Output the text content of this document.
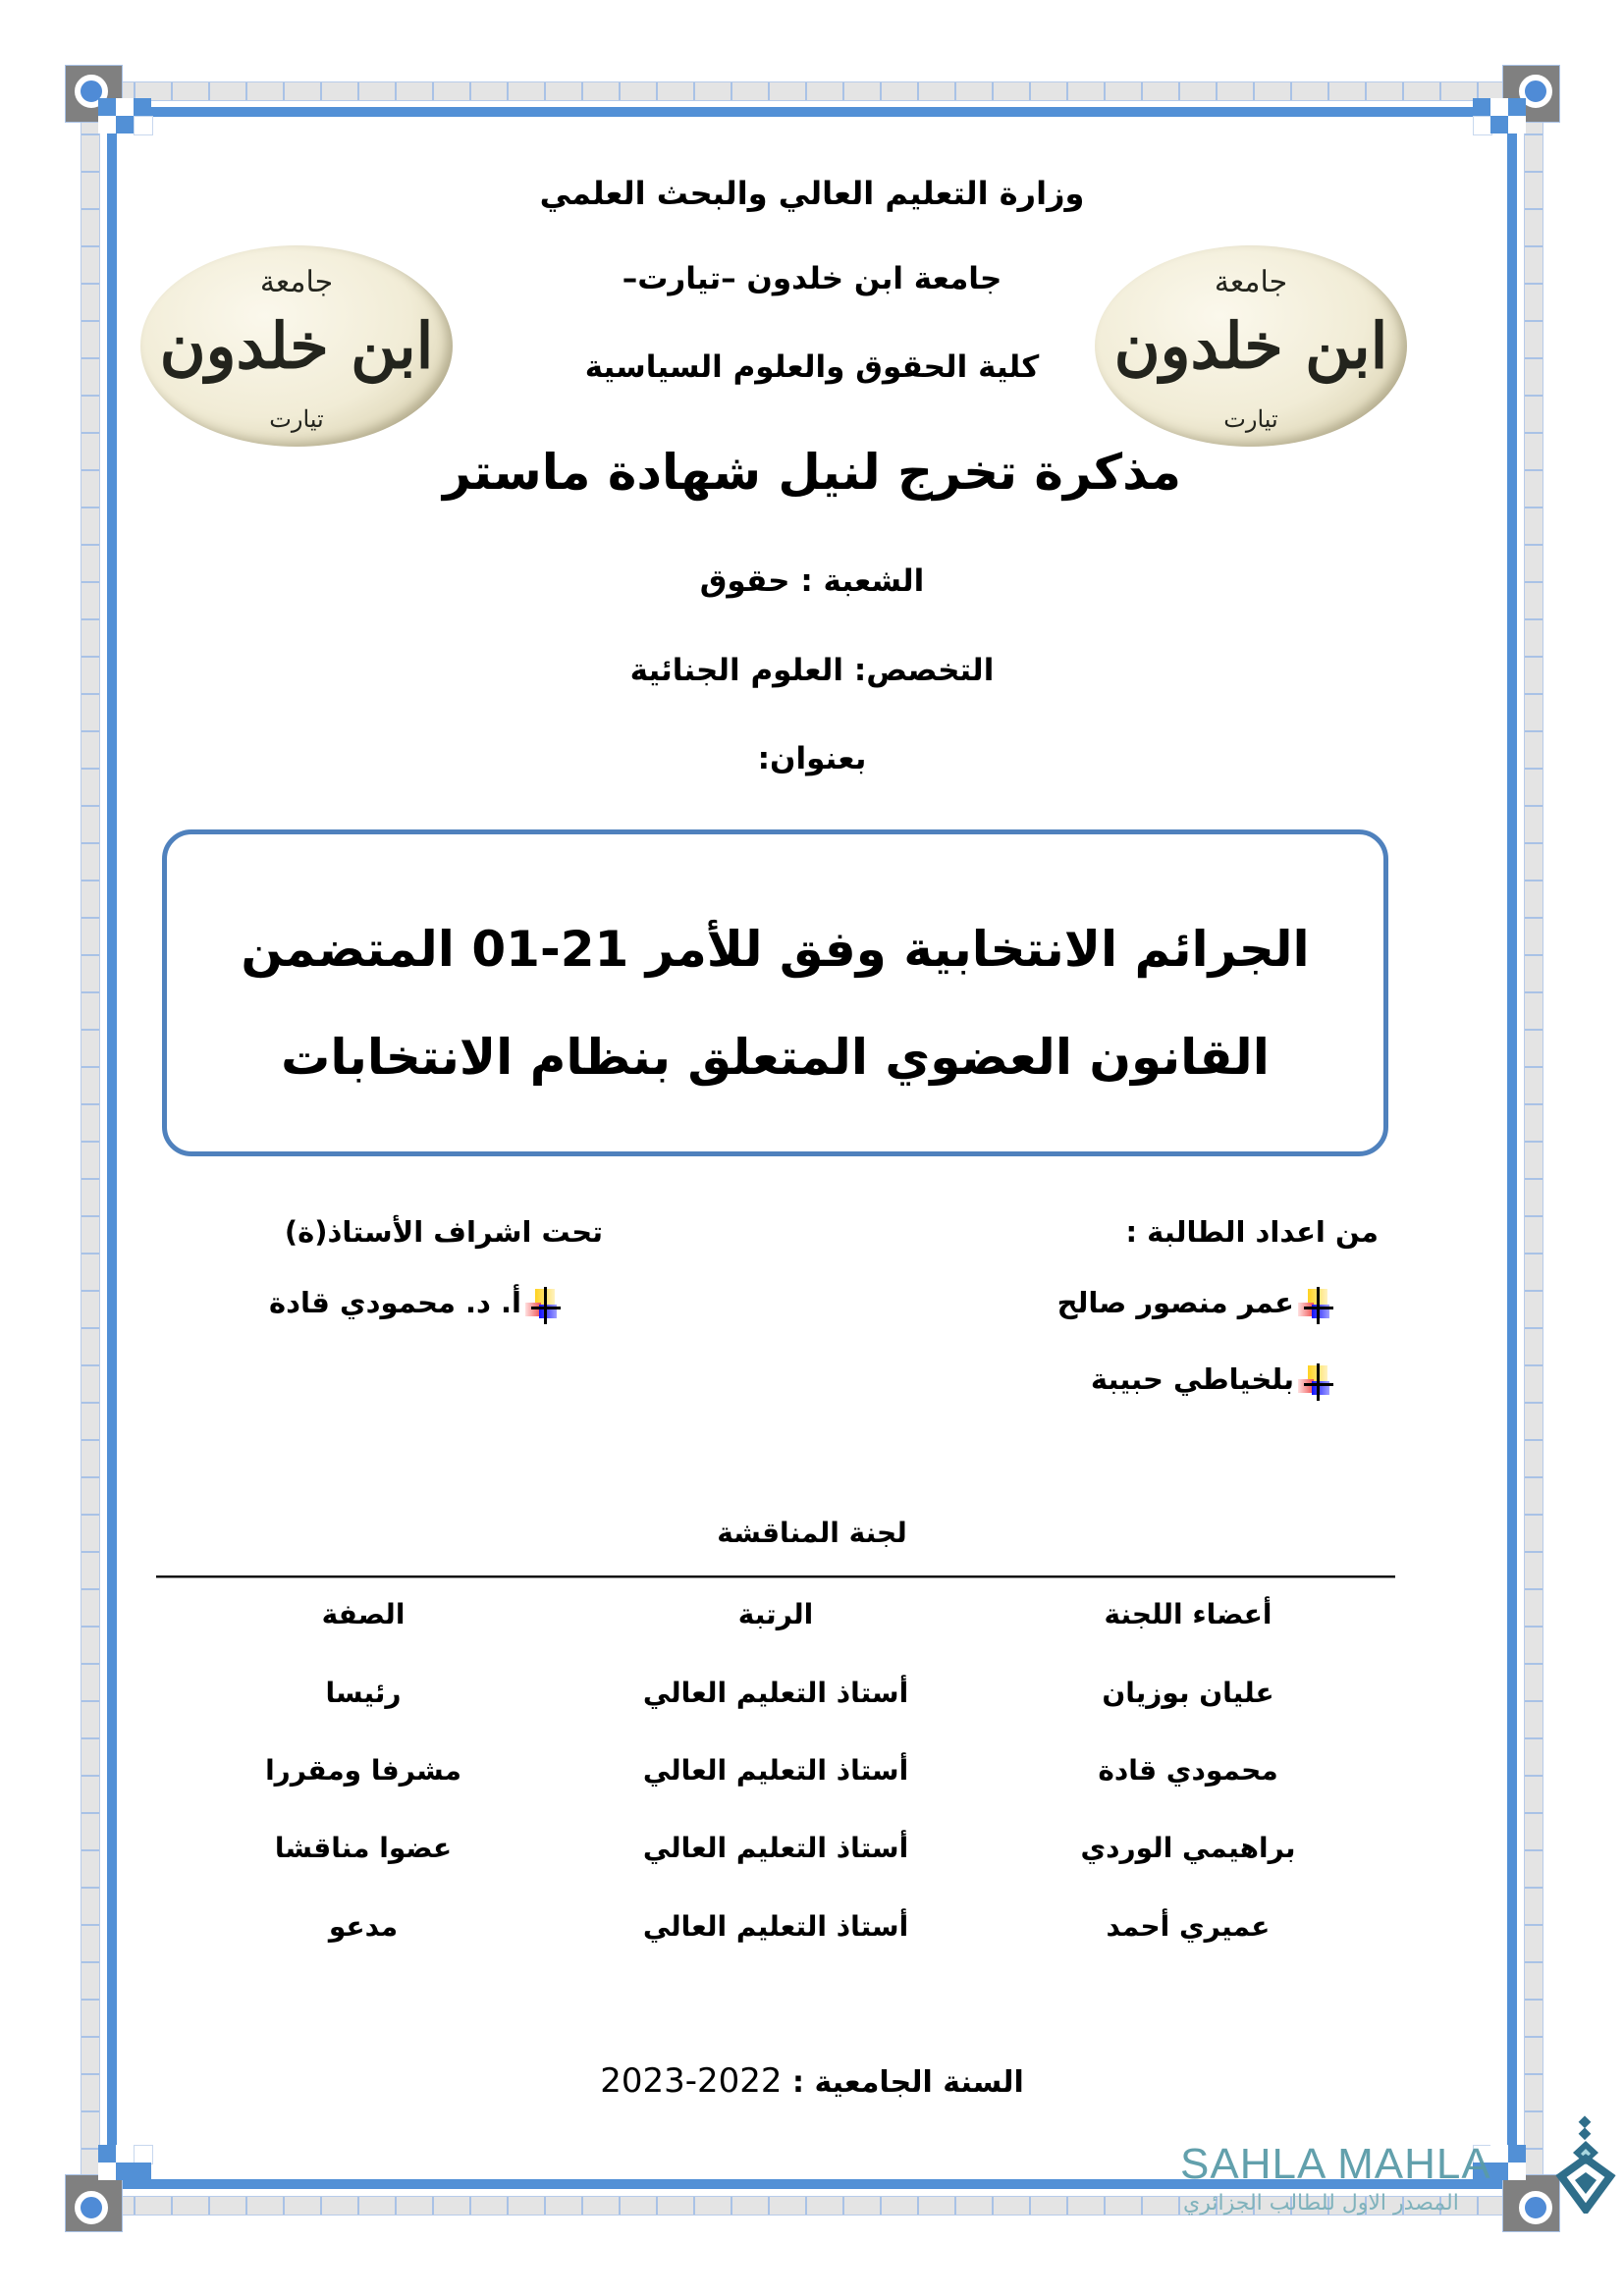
وزارة التعليم العالي والبحث العلمي
جامعة ابن خلدون –تيارت–
كلية الحقوق والعلوم السياسية
جامعة
ابن خلدون
تيارت
جامعة
ابن خلدون
تيارت
مذكرة تخرج لنيل شهادة ماستر
الشعبة : حقوق
التخصص: العلوم الجنائية
بعنوان:
الجرائم الانتخابية وفق للأمر 21-01 المتضمن
القانون العضوي المتعلق بنظام الانتخابات
من اعداد الطالبة :
عمر منصور صالح
بلخياطي حبيبة
تحت اشراف الأستاذ(ة)
أ. د. محمودي قادة
لجنة المناقشة
أعضاء اللجنة
الرتبة
الصفة
عليان بوزيان
أستاذ التعليم العالي
رئيسا
محمودي قادة
أستاذ التعليم العالي
مشرفا ومقررا
براهيمي الوردي
أستاذ التعليم العالي
عضوا مناقشا
عميري أحمد
أستاذ التعليم العالي
مدعو
السنة الجامعية : 2022-2023
SAHLA MAHLA
المصدر الاول للطالب الجزائري
